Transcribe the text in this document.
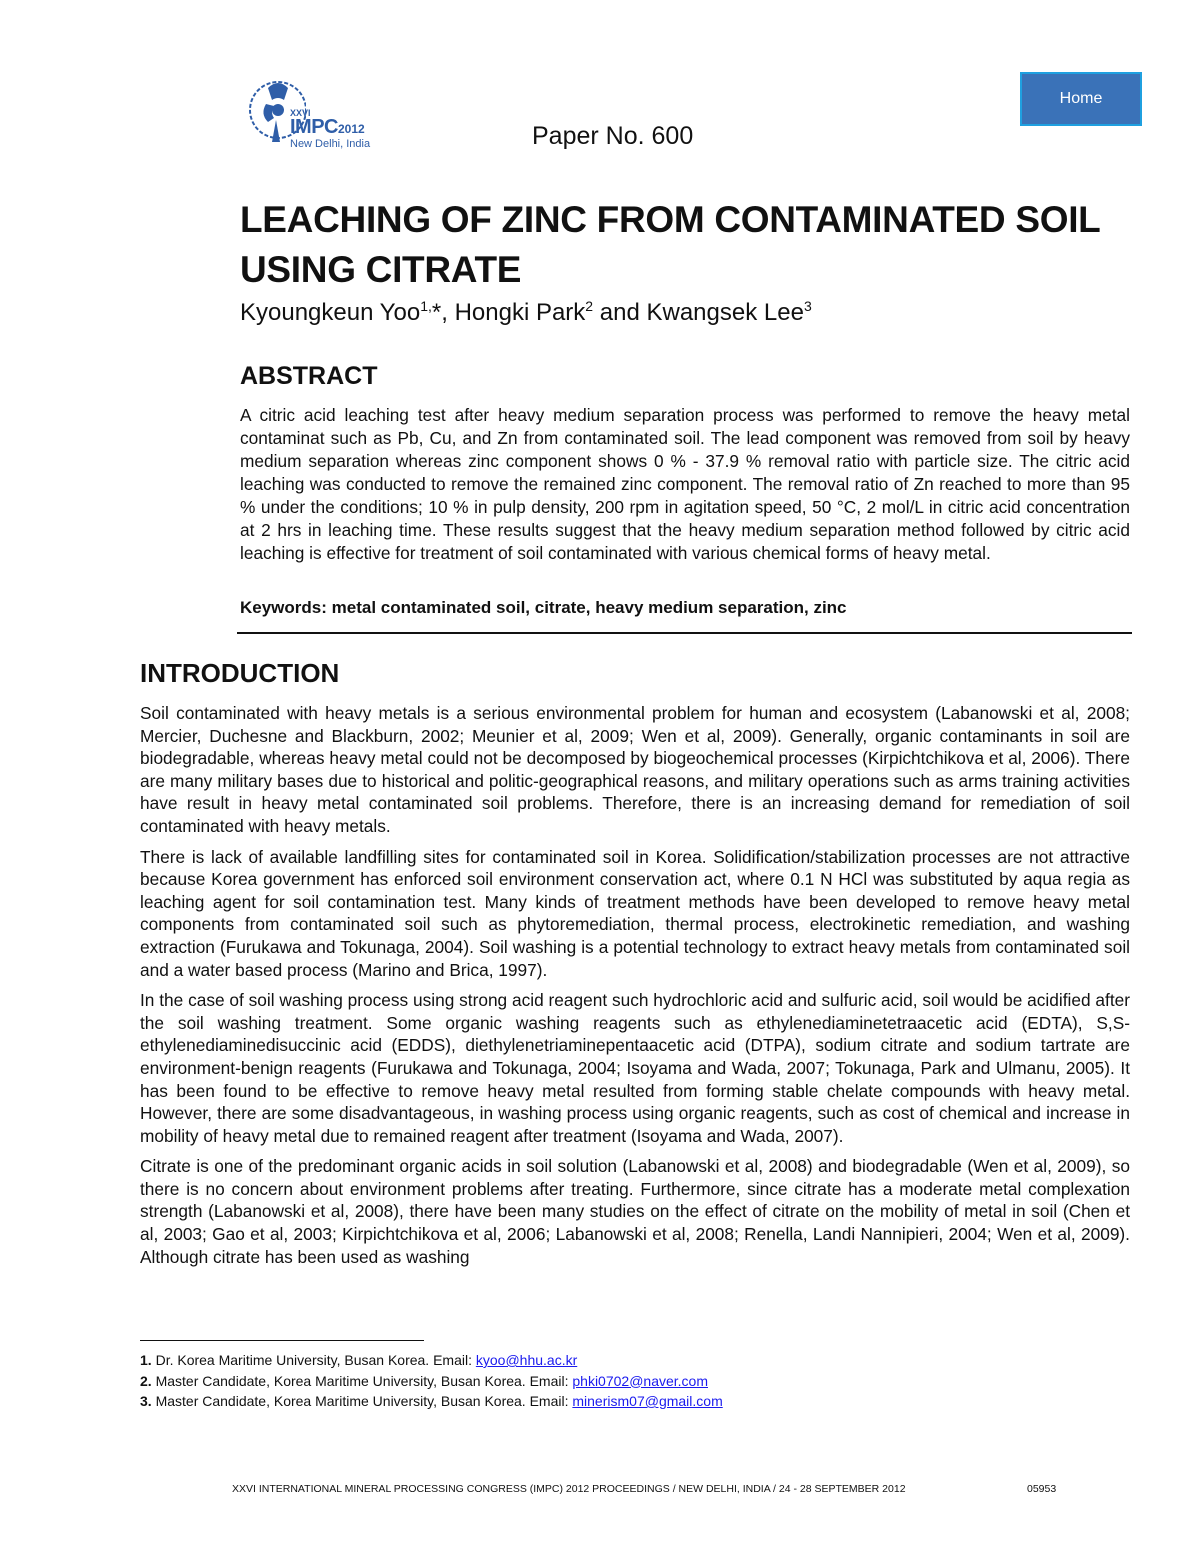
XXVI
IMPC2012
New Delhi, India
Home
Paper No. 600
LEACHING OF ZINC FROM CONTAMINATED SOIL USING CITRATE
Kyoungkeun Yoo$^{1,}$*, Hongki Park$^2$ and Kwangsek Lee$^3$
ABSTRACT

A citric acid leaching test after heavy medium separation process was performed to remove the heavy metal contaminat such as Pb, Cu, and Zn from contaminated soil. The lead component was removed from soil by heavy medium separation whereas zinc component shows 0 % - 37.9 % removal ratio with particle size. The citric acid leaching was conducted to remove the remained zinc component. The removal ratio of Zn reached to more than 95 % under the conditions; 10 % in pulp density, 200 rpm in agitation speed, 50 °C, 2 mol/L in citric acid concentration at 2 hrs in leaching time. These results suggest that the heavy medium separation method followed by citric acid leaching is effective for treatment of soil contaminated with various chemical forms of heavy metal.

Keywords: metal contaminated soil, citrate, heavy medium separation, zinc
INTRODUCTION

Soil contaminated with heavy metals is a serious environmental problem for human and ecosystem (Labanowski et al, 2008; Mercier, Duchesne and Blackburn, 2002; Meunier et al, 2009; Wen et al, 2009). Generally, organic contaminants in soil are biodegradable, whereas heavy metal could not be decomposed by biogeochemical processes (Kirpichtchikova et al, 2006). There are many military bases due to historical and politic-geographical reasons, and military operations such as arms training activities have result in heavy metal contaminated soil problems. Therefore, there is an increasing demand for remediation of soil contaminated with heavy metals.

There is lack of available landfilling sites for contaminated soil in Korea. Solidification/stabilization processes are not attractive because Korea government has enforced soil environment conservation act, where 0.1 N HCl was substituted by aqua regia as leaching agent for soil contamination test. Many kinds of treatment methods have been developed to remove heavy metal components from contaminated soil such as phytoremediation, thermal process, electrokinetic remediation, and washing extraction (Furukawa and Tokunaga, 2004). Soil washing is a potential technology to extract heavy metals from contaminated soil and a water based process (Marino and Brica, 1997).

In the case of soil washing process using strong acid reagent such hydrochloric acid and sulfuric acid, soil would be acidified after the soil washing treatment. Some organic washing reagents such as ethylenediaminetetraacetic acid (EDTA), S,S-ethylenediaminedisuccinic acid (EDDS), diethylenetriaminepentaacetic acid (DTPA), sodium citrate and sodium tartrate are environment-benign reagents (Furukawa and Tokunaga, 2004; Isoyama and Wada, 2007; Tokunaga, Park and Ulmanu, 2005). It has been found to be effective to remove heavy metal resulted from forming stable chelate compounds with heavy metal. However, there are some disadvantageous, in washing process using organic reagents, such as cost of chemical and increase in mobility of heavy metal due to remained reagent after treatment (Isoyama and Wada, 2007).

Citrate is one of the predominant organic acids in soil solution (Labanowski et al, 2008) and biodegradable (Wen et al, 2009), so there is no concern about environment problems after treating. Furthermore, since citrate has a moderate metal complexation strength (Labanowski et al, 2008), there have been many studies on the effect of citrate on the mobility of metal in soil (Chen et al, 2003; Gao et al, 2003; Kirpichtchikova et al, 2006; Labanowski et al, 2008; Renella, Landi Nannipieri, 2004; Wen et al, 2009). Although citrate has been used as washing

1. Dr. Korea Maritime University, Busan Korea. Email: kyoo@hhu.ac.kr
2. Master Candidate, Korea Maritime University, Busan Korea. Email: phki0702@naver.com
3. Master Candidate, Korea Maritime University, Busan Korea. Email: minerism07@gmail.com
XXVI INTERNATIONAL MINERAL PROCESSING CONGRESS (IMPC) 2012 PROCEEDINGS / NEW DELHI, INDIA / 24 - 28 SEPTEMBER 2012	05953
